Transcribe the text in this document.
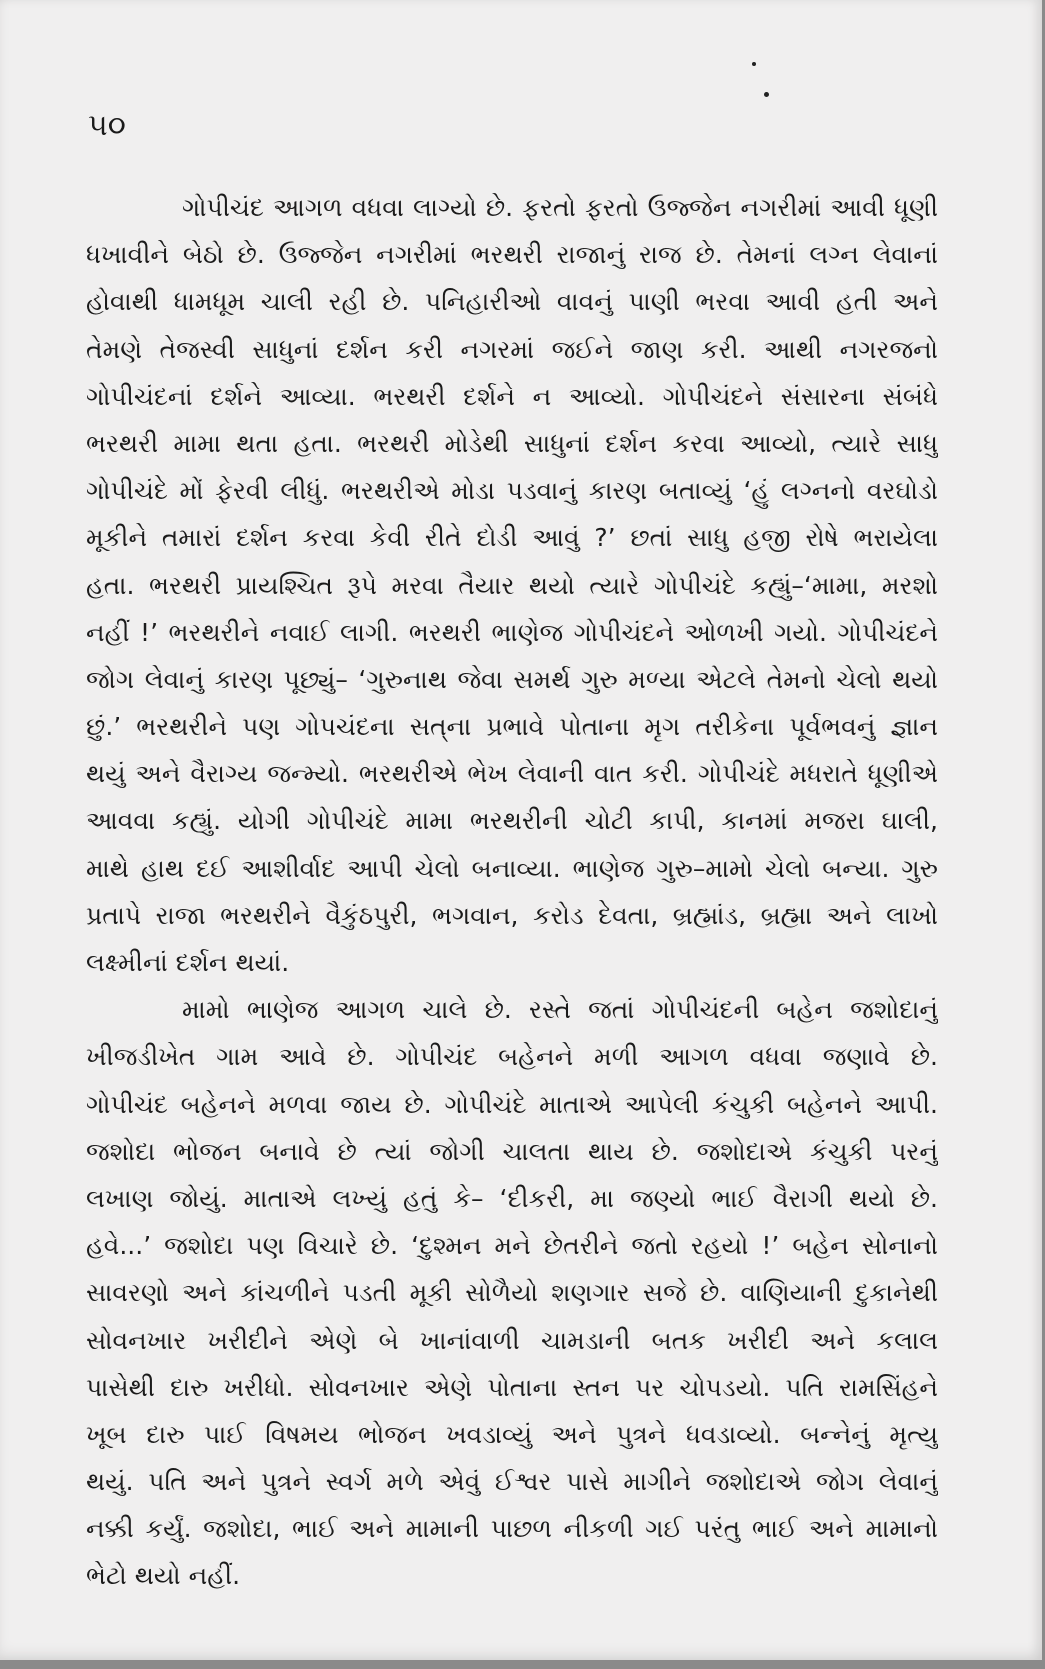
૫૦
ગોપીચંદ આગળ વધવા લાગ્યો છે. ફરતો ફરતો ઉજ્જેન નગરીમાં આવી ધૂણી
ધખાવીને બેઠો છે. ઉજ્જેન નગરીમાં ભરથરી રાજાનું રાજ છે. તેમનાં લગ્ન લેવાનાં
હોવાથી ધામધૂમ ચાલી રહી છે. પનિહારીઓ વાવનું પાણી ભરવા આવી હતી અને
તેમણે તેજસ્વી સાધુનાં દર્શન કરી નગરમાં જઈને જાણ કરી. આથી નગરજનો
ગોપીચંદનાં દર્શને આવ્યા. ભરથરી દર્શને ન આવ્યો. ગોપીચંદને સંસારના સંબંધે
ભરથરી મામા થતા હતા. ભરથરી મોડેથી સાધુનાં દર્શન કરવા આવ્યો, ત્યારે સાધુ
ગોપીચંદે મોં ફેરવી લીધું. ભરથરીએ મોડા પડવાનું કારણ બતાવ્યું ‘હું લગ્નનો વરઘોડો
મૂકીને તમારાં દર્શન કરવા કેવી રીતે દોડી આવું ?’ છતાં સાધુ હજી રોષે ભરાયેલા
હતા. ભરથરી પ્રાયશ્ચિત રૂપે મરવા તૈયાર થયો ત્યારે ગોપીચંદે કહ્યું–‘મામા, મરશો
નહીં !’ ભરથરીને નવાઈ લાગી. ભરથરી ભાણેજ ગોપીચંદને ઓળખી ગયો. ગોપીચંદને
જોગ લેવાનું કારણ પૂછ્યું– ‘ગુરુનાથ જેવા સમર્થ ગુરુ મળ્યા એટલે તેમનો ચેલો થયો
છું.’ ભરથરીને પણ ગોપચંદના સત્‌ના પ્રભાવે પોતાના મૃગ તરીકેના પૂર્વભવનું જ્ઞાન
થયું અને વૈરાગ્ય જન્મ્યો. ભરથરીએ ભેખ લેવાની વાત કરી. ગોપીચંદે મધરાતે ધૂણીએ
આવવા કહ્યું. યોગી ગોપીચંદે મામા ભરથરીની ચોટી કાપી, કાનમાં મજરા ઘાલી,
માથે હાથ દઈ આશીર્વાદ આપી ચેલો બનાવ્યા. ભાણેજ ગુરુ–મામો ચેલો બન્યા. ગુરુ
પ્રતાપે રાજા ભરથરીને વૈકુંઠપુરી, ભગવાન, કરોડ દેવતા, બ્રહ્માંડ, બ્રહ્મા અને લાખો
લક્ષ્મીનાં દર્શન થયાં.
મામો ભાણેજ આગળ ચાલે છે. રસ્તે જતાં ગોપીચંદની બહેન જશોદાનું
ખીજડીખેત ગામ આવે છે. ગોપીચંદ બહેનને મળી આગળ વધવા જણાવે છે.
ગોપીચંદ બહેનને મળવા જાય છે. ગોપીચંદે માતાએ આપેલી કંચુકી બહેનને આપી.
જશોદા ભોજન બનાવે છે ત્યાં જોગી ચાલતા થાય છે. જશોદાએ કંચુકી પરનું
લખાણ જોયું. માતાએ લખ્યું હતું કે– ‘દીકરી, મા જણ્યો ભાઈ વૈરાગી થયો છે.
હવે...’ જશોદા પણ વિચારે છે. ‘દુશ્મન મને છેતરીને જતો રહયો !’ બહેન સોનાનો
સાવરણો અને કાંચળીને પડતી મૂકી સોળૈયો શણગાર સજે છે. વાણિયાની દુકાનેથી
સોવનખાર ખરીદીને એણે બે ખાનાંવાળી ચામડાની બતક ખરીદી અને કલાલ
પાસેથી દારુ ખરીધો. સોવનખાર એણે પોતાના સ્તન પર ચોપડયો. પતિ રામસિંહને
ખૂબ દારુ પાઈ વિષમય ભોજન ખવડાવ્યું અને પુત્રને ધવડાવ્યો. બન્નેનું મૃત્યુ
થયું. પતિ અને પુત્રને સ્વર્ગ મળે એવું ઈશ્વર પાસે માગીને જશોદાએ જોગ લેવાનું
નક્કી કર્યું. જશોદા, ભાઈ અને મામાની પાછળ નીકળી ગઈ પરંતુ ભાઈ અને મામાનો
ભેટો થયો નહીં.
